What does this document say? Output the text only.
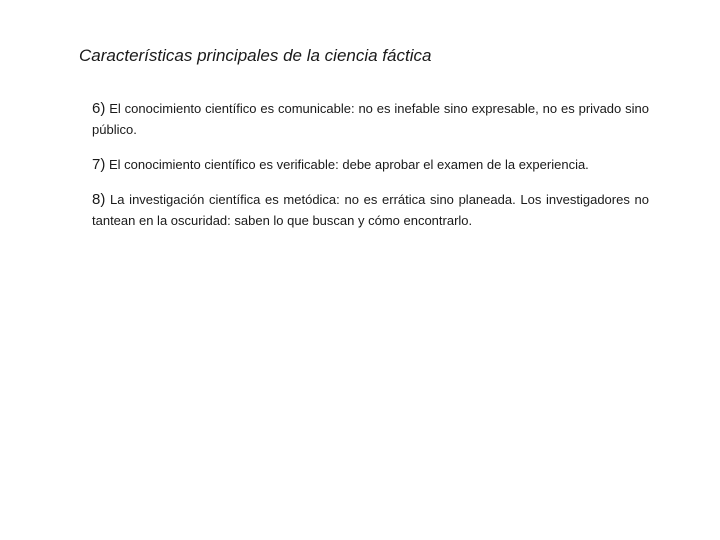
Características principales de la ciencia fáctica

6) El conocimiento científico es comunicable: no es inefable sino expresable, no es privado sino público.

7) El conocimiento científico es verificable: debe aprobar el examen de la experiencia.

8) La investigación científica es metódica: no es errática sino planeada. Los investigadores no tantean en la oscuridad: saben lo que buscan y cómo encontrarlo.
